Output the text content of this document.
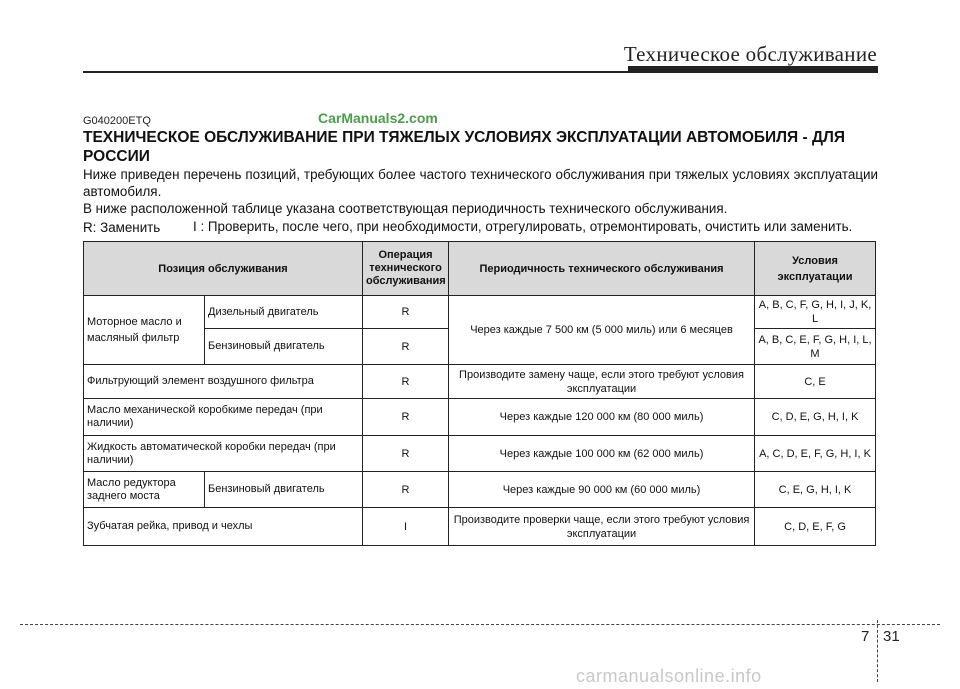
Техническое обслуживание
G040200ETQ	CarManuals2.com
ТЕХНИЧЕСКОЕ ОБСЛУЖИВАНИЕ ПРИ ТЯЖЕЛЫХ УСЛОВИЯХ ЭКСПЛУАТАЦИИ АВТОМОБИЛЯ - ДЛЯ РОССИИ
Ниже приведен перечень позиций, требующих более частого технического обслуживания при тяжелых условиях эксплуатации автомобиля.
В ниже расположенной таблице указана соответствующая периодичность технического обслуживания.
R: Заменить I : Проверить, после чего, при необходимости, отрегулировать, отремонтировать, очистить или заменить.
Позиция обслуживания		Операция технического обслуживания	Периодичность технического обслуживания	Условия эксплуатации
Моторное масло и масляный фильтр	Дизельный двигатель	R	Через каждые 7 500 км (5 000 миль) или 6 месяцев	A, B, C, F, G, H, I, J, K, L
	Бензиновый двигатель	R		A, B, C, E, F, G, H, I, L, M
Фильтрующий элемент воздушного фильтра		R	Производите замену чаще, если этого требуют условия эксплуатации	C, E
Масло механической коробкиме передач (при наличии)		R	Через каждые 120 000 км (80 000 миль)	C, D, E, G, H, I, K
Жидкость автоматической коробки передач (при наличии)		R	Через каждые 100 000 км (62 000 миль)	A, C, D, E, F, G, H, I, K
Масло редуктора заднего моста	Бензиновый двигатель	R	Через каждые 90 000 км (60 000 миль)	C, E, G, H, I, K
Зубчатая рейка, привод и чехлы		I	Производите проверки чаще, если этого требуют условия эксплуатации	C, D, E, F, G
7 31
carmanualsonline.info
